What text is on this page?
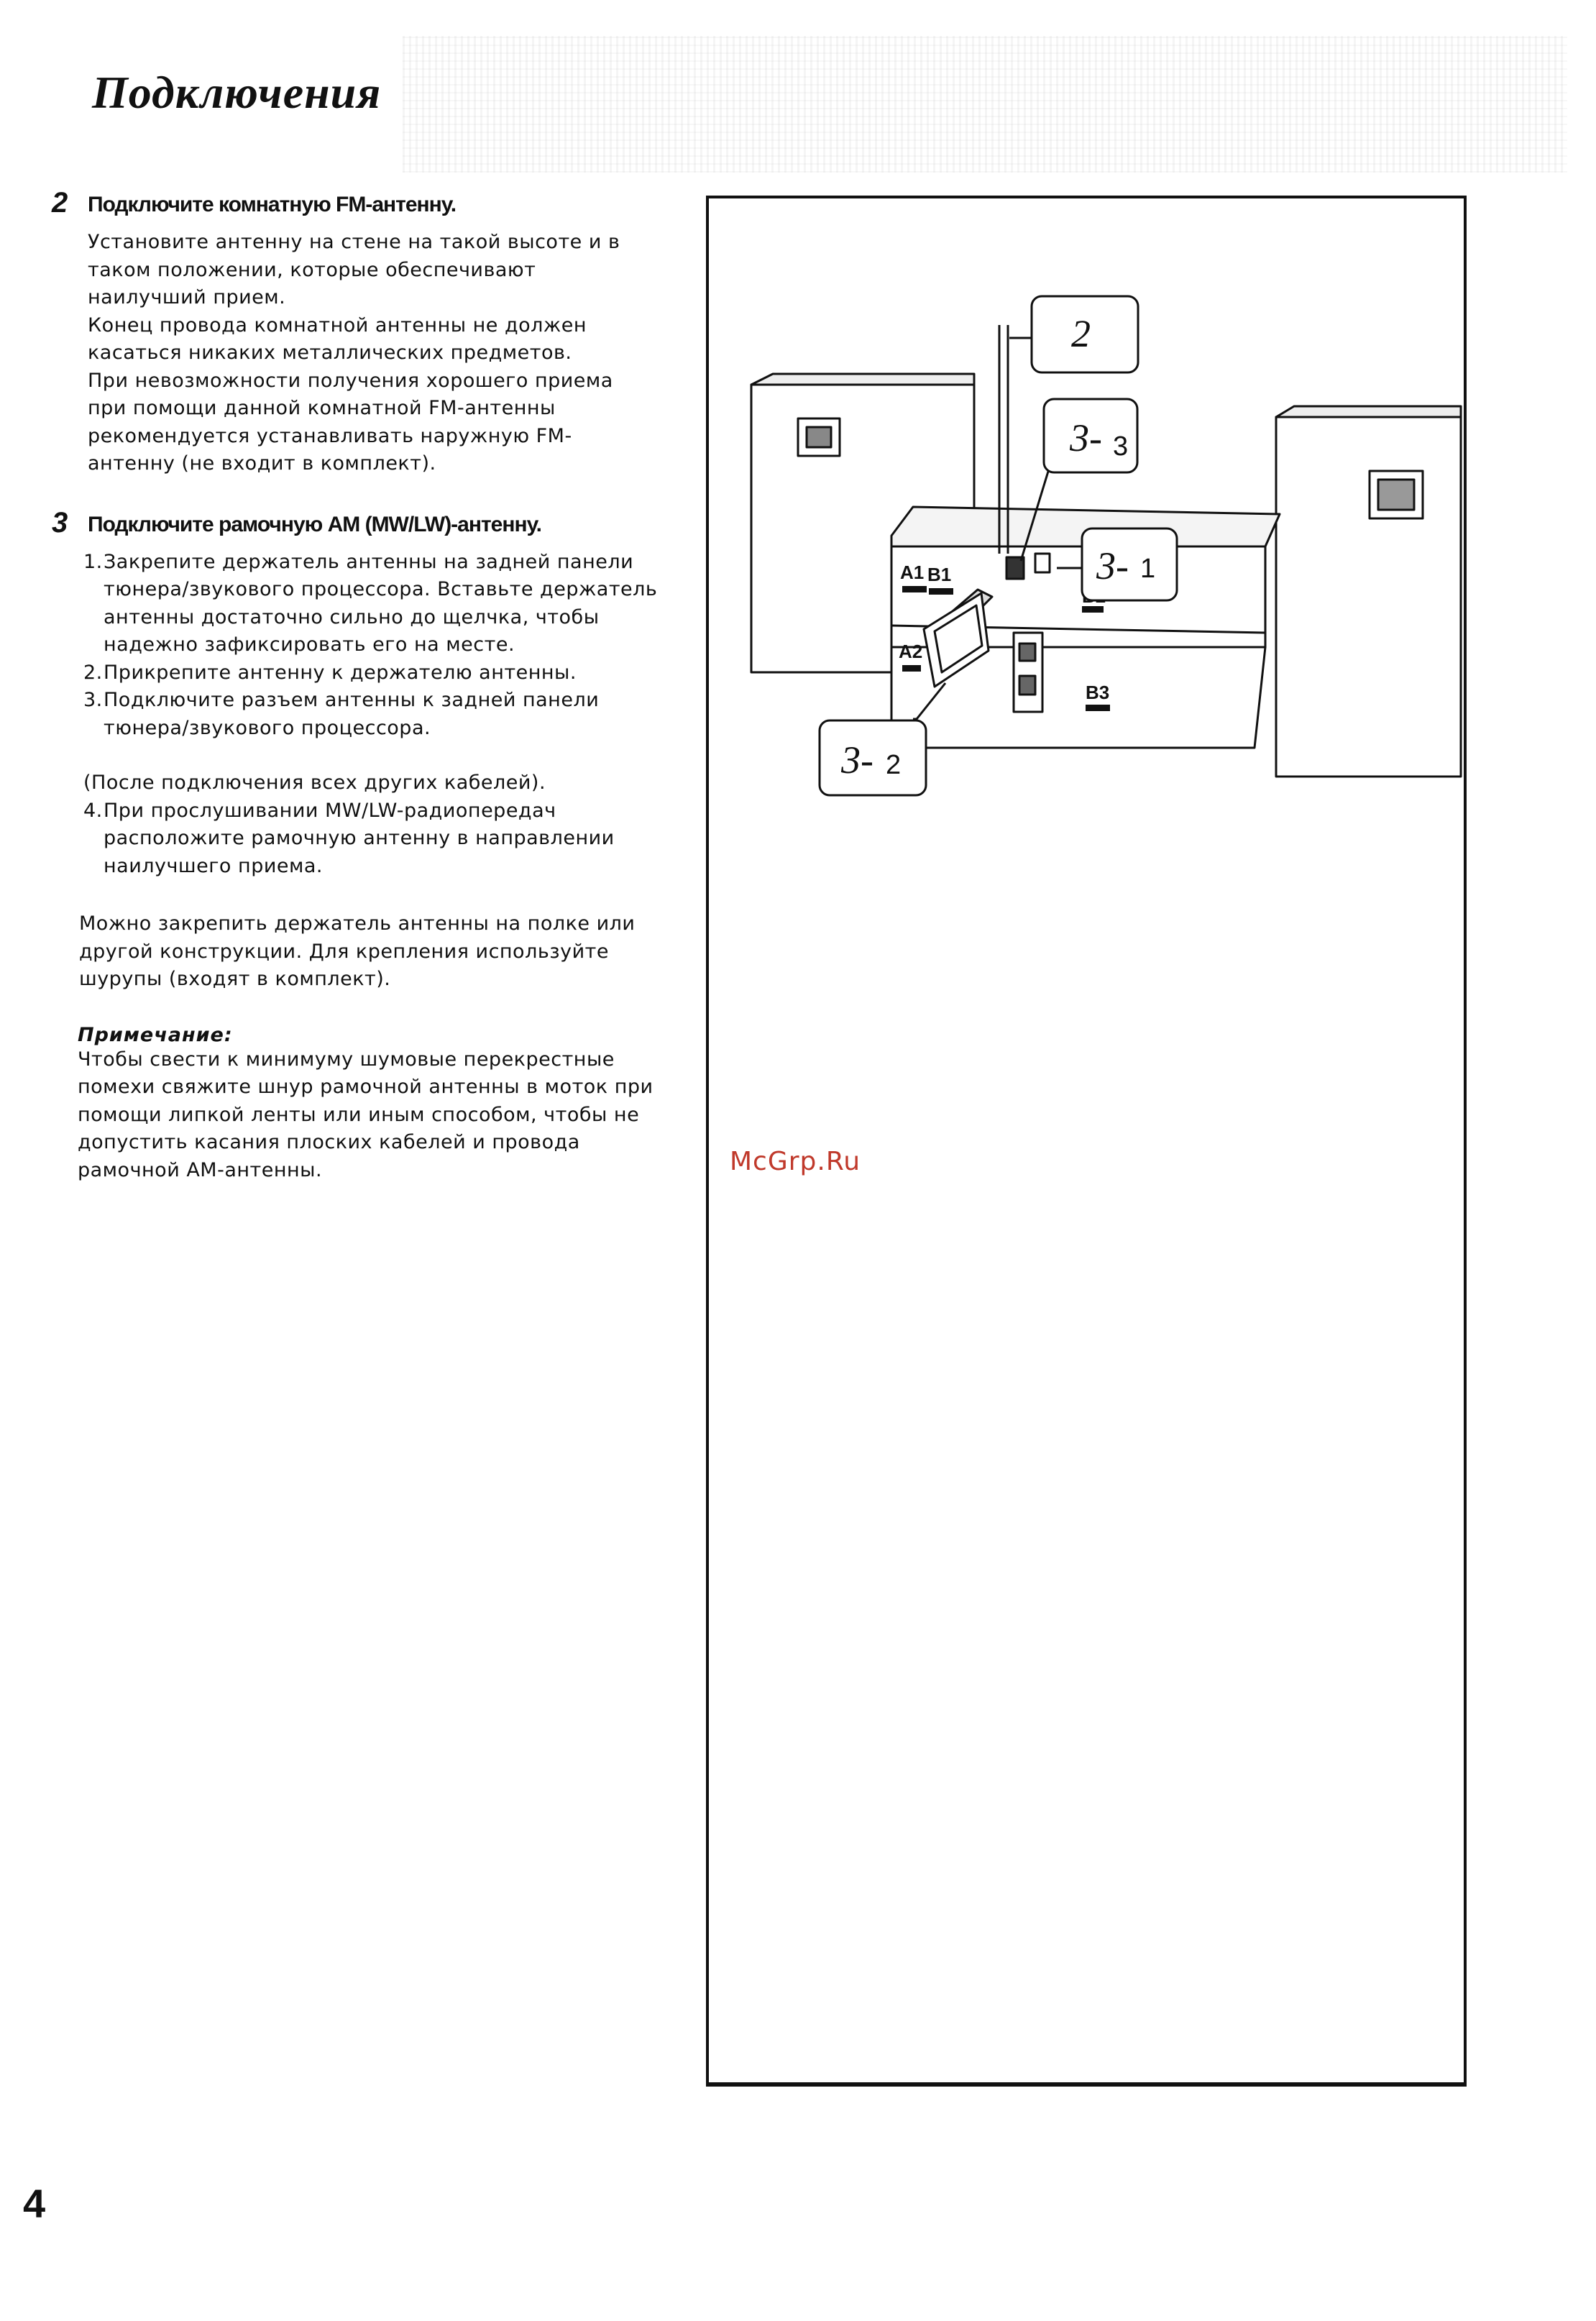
Подключения
2 Подключите комнатную FM-антенну.
Установите антенну на стене на такой высоте и в
таком положении, которые обеспечивают
наилучший прием.
Конец провода комнатной антенны не должен
касаться никаких металлических предметов.
При невозможности получения хорошего приема
при помощи данной комнатной FM-антенны
рекомендуется устанавливать наружную FM-
антенну (не входит в комплект).
3 Подключите рамочную AM (MW/LW)-антенну.
1. Закрепите держатель антенны на задней панели тюнера/звукового процессора. Вставьте держатель антенны достаточно сильно до щелчка, чтобы надежно зафиксировать его на месте.
2. Прикрепите антенну к держателю антенны.
3. Подключите разъем антенны к задней панели тюнера/звукового процессора.

(После подключения всех других кабелей).

4. При прослушивании MW/LW-радиопередач расположите рамочную антенну в направлении наилучшего приема.

Можно закрепить держатель антенны на полке или другой конструкции. Для крепления используйте шурупы (входят в комплект).

Примечание:

Чтобы свести к минимуму шумовые перекрестные помехи свяжите шнур рамочной антенны в моток при помощи липкой ленты или иным способом, чтобы не допустить касания плоских кабелей и провода рамочной AM-антенны.

A1 B1
A2
B3
2
3- 3
3- 1
3- 2
McGrp.Ru
4
